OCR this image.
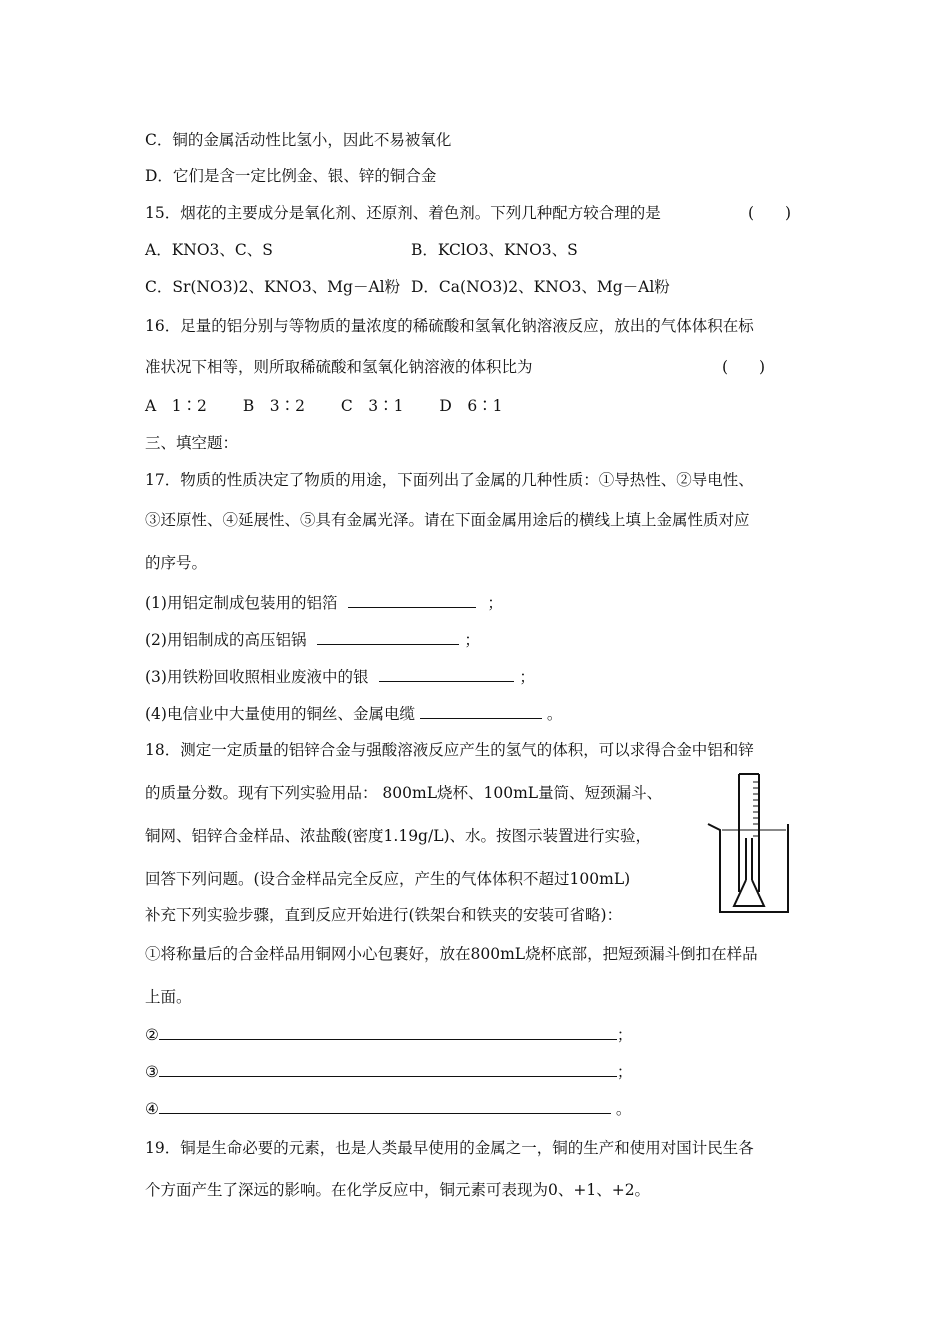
C．铜的金属活动性比氢小，因此不易被氧化
D．它们是含一定比例金、银、锌的铜合金
15．烟花的主要成分是氧化剂、还原剂、着色剂。下列几种配方较合理的是	(　　)
A．KNO3、C、S	B．KClO3、KNO3、S
C．Sr(NO3)2、KNO3、Mg－Al粉 D．Ca(NO3)2、KNO3、Mg－Al粉
16．足量的铝分别与等物质的量浓度的稀硫酸和氢氧化钠溶液反应，放出的气体体积在标
准状况下相等，则所取稀硫酸和氢氧化钠溶液的体积比为	(　　)
A　1∶2　　 B　3∶2　　 C　3∶1　　 D　6∶1
三、填空题：
17．物质的性质决定了物质的用途，下面列出了金属的几种性质：①导热性、②导电性、
③还原性、④延展性、⑤具有金属光泽。请在下面金属用途后的横线上填上金属性质对应
的序号。
(1)用铝定制成包装用的铝箔	；
(2)用铝制成的高压铝锅	；
(3)用铁粉回收照相业废液中的银	；
(4)电信业中大量使用的铜丝、金属电缆	。
18．测定一定质量的铝锌合金与强酸溶液反应产生的氢气的体积，可以求得合金中铝和锌
的质量分数。现有下列实验用品： 800mL烧杯、100mL量筒、短颈漏斗、
铜网、铝锌合金样品、浓盐酸(密度1.19g/L)、水。按图示装置进行实验，
回答下列问题。(设合金样品完全反应，产生的气体体积不超过100mL)
补充下列实验步骤，直到反应开始进行(铁架台和铁夹的安装可省略)：
①将称量后的合金样品用铜网小心包裹好，放在800mL烧杯底部，把短颈漏斗倒扣在样品
上面。
②	；
③	；
④	。
19．铜是生命必要的元素，也是人类最早使用的金属之一，铜的生产和使用对国计民生各
个方面产生了深远的影响。在化学反应中，铜元素可表现为0、+1、+2。
